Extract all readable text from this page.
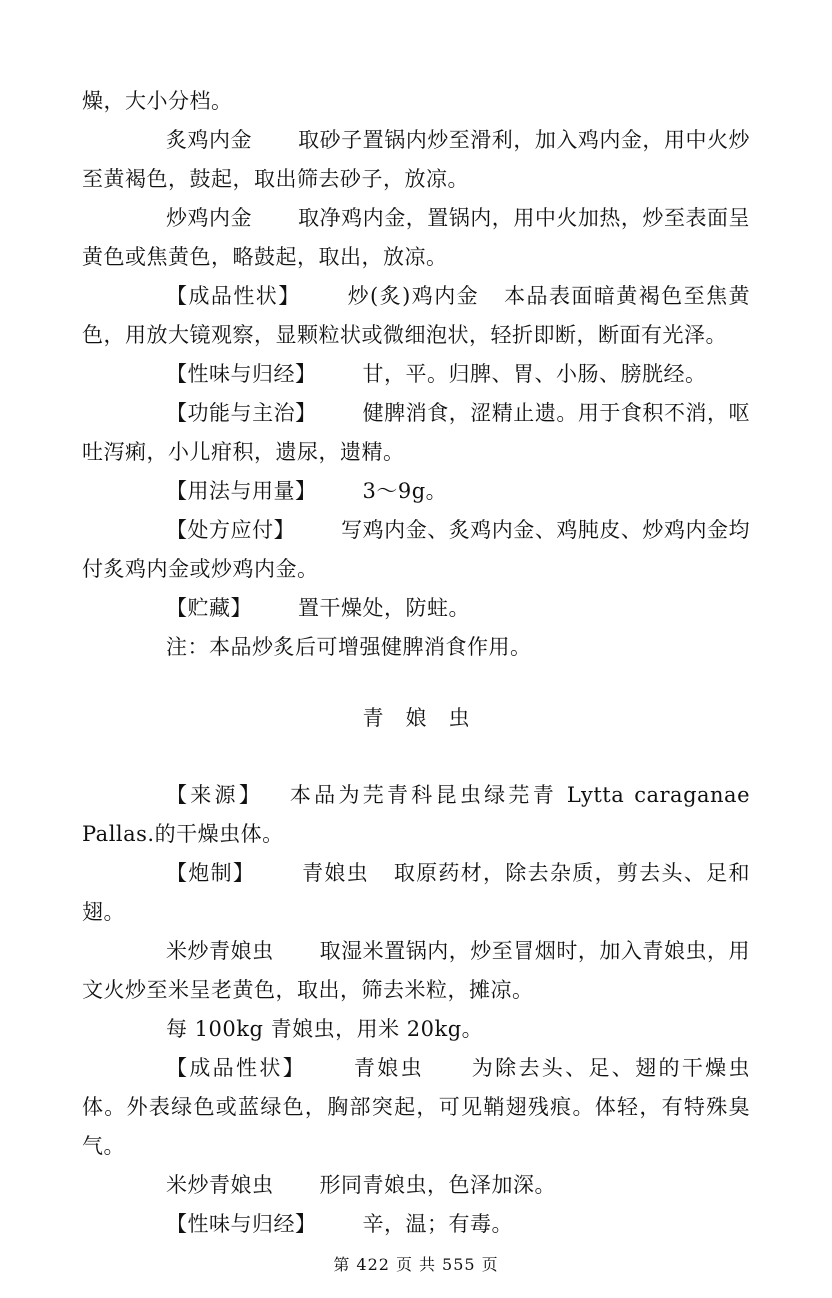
燥，大小分档。

炙鸡内金 取砂子置锅内炒至滑利，加入鸡内金，用中火炒至黄褐色，鼓起，取出筛去砂子，放凉。

炒鸡内金 取净鸡内金，置锅内，用中火加热，炒至表面呈黄色或焦黄色，略鼓起，取出，放凉。

【成品性状】 炒(炙)鸡内金 本品表面暗黄褐色至焦黄色，用放大镜观察，显颗粒状或微细泡状，轻折即断，断面有光泽。

【性味与归经】 甘，平。归脾、胃、小肠、膀胱经。

【功能与主治】 健脾消食，涩精止遗。用于食积不消，呕吐泻痢，小儿疳积，遗尿，遗精。

【用法与用量】 3～9g。

【处方应付】 写鸡内金、炙鸡内金、鸡肫皮、炒鸡内金均付炙鸡内金或炒鸡内金。

【贮藏】 置干燥处，防蛀。

注：本品炒炙后可增强健脾消食作用。

青娘虫

【来源】 本品为芫青科昆虫绿芫青 Lytta caraganae Pallas.的干燥虫体。

【炮制】 青娘虫 取原药材，除去杂质，剪去头、足和翅。

米炒青娘虫 取湿米置锅内，炒至冒烟时，加入青娘虫，用文火炒至米呈老黄色，取出，筛去米粒，摊凉。

每 100kg 青娘虫，用米 20kg。

【成品性状】 青娘虫 为除去头、足、翅的干燥虫体。外表绿色或蓝绿色，胸部突起，可见鞘翅残痕。体轻，有特殊臭气。

米炒青娘虫 形同青娘虫，色泽加深。

【性味与归经】 辛，温；有毒。

第 422 页 共 555 页
